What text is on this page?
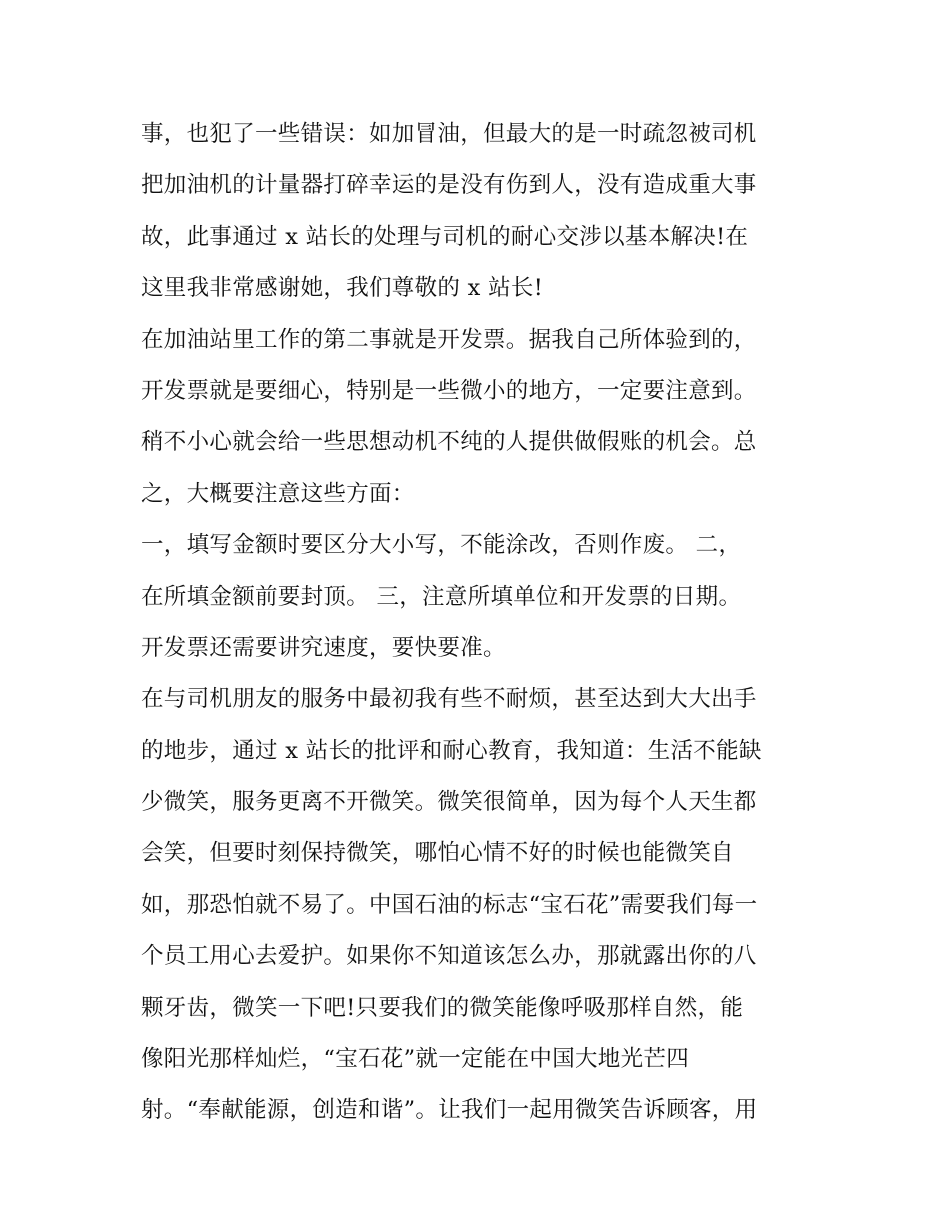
事，也犯了一些错误：如加冒油，但最大的是一时疏忽被司机
把加油机的计量器打碎幸运的是没有伤到人，没有造成重大事
故，此事通过 x 站长的处理与司机的耐心交涉以基本解决!在
这里我非常感谢她，我们尊敬的 x 站长!
在加油站里工作的第二事就是开发票。据我自己所体验到的，
开发票就是要细心，特别是一些微小的地方，一定要注意到。
稍不小心就会给一些思想动机不纯的人提供做假账的机会。总
之，大概要注意这些方面：
一，填写金额时要区分大小写，不能涂改，否则作废。 二，
在所填金额前要封顶。 三，注意所填单位和开发票的日期。
开发票还需要讲究速度，要快要准。
在与司机朋友的服务中最初我有些不耐烦，甚至达到大大出手
的地步，通过 x 站长的批评和耐心教育，我知道：生活不能缺
少微笑，服务更离不开微笑。微笑很简单，因为每个人天生都
会笑，但要时刻保持微笑，哪怕心情不好的时候也能微笑自
如，那恐怕就不易了。中国石油的标志“宝石花”需要我们每一
个员工用心去爱护。如果你不知道该怎么办，那就露出你的八
颗牙齿，微笑一下吧!只要我们的微笑能像呼吸那样自然，能
像阳光那样灿烂，“宝石花”就一定能在中国大地光芒四
射。“奉献能源，创造和谐”。让我们一起用微笑告诉顾客，用
